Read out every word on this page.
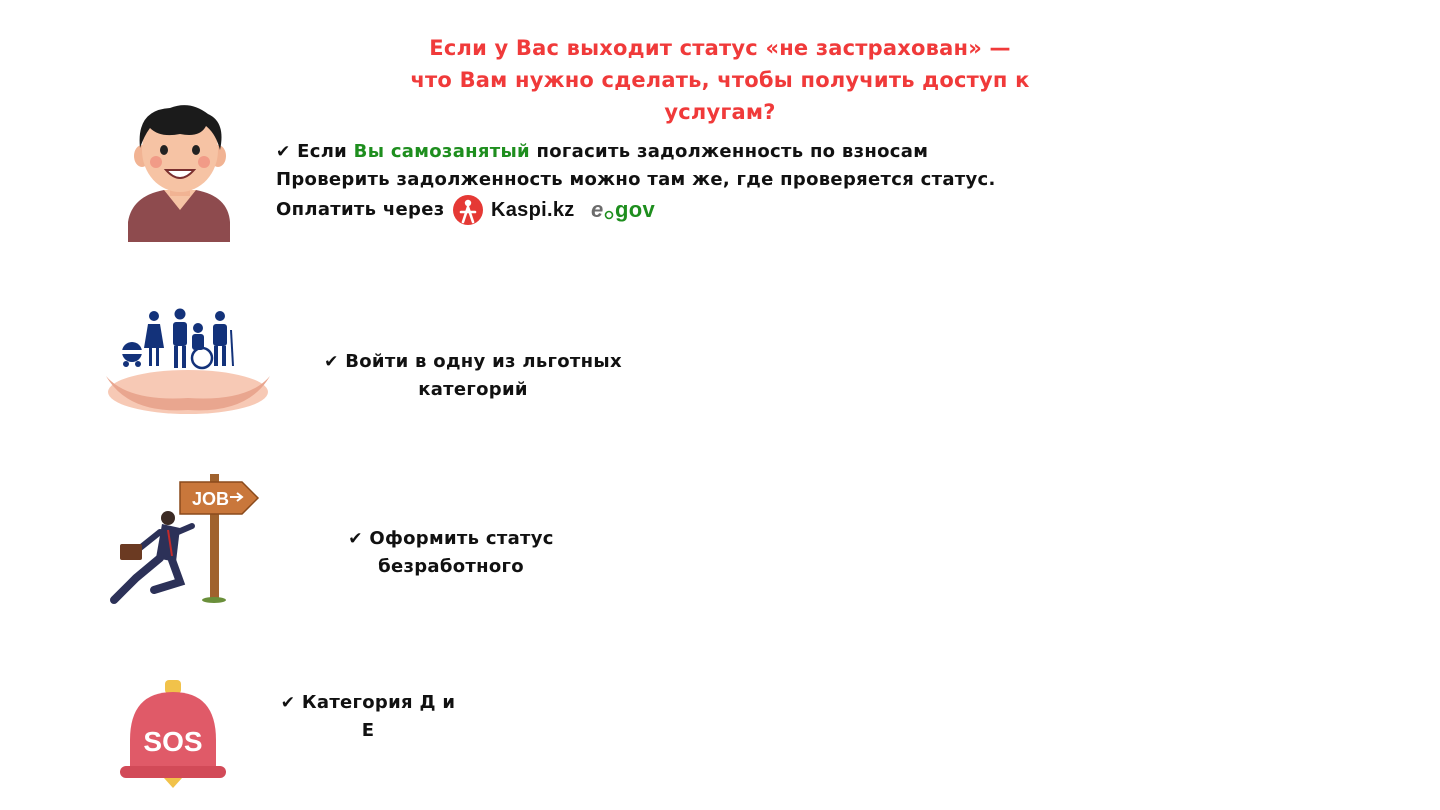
Если у Вас выходит статус «не застрахован» —
что Вам нужно сделать, чтобы получить доступ к
услугам?
✔ Если Вы самозанятый погасить задолженность по взносам
Проверить задолженность можно там же, где проверяется статус.
Оплатить через Kaspi.kz e gov
✔ Войти в одну из льготных
категорий
JOB
✔ Оформить статус
безработного
SOS
✔ Категория Д и
Е
